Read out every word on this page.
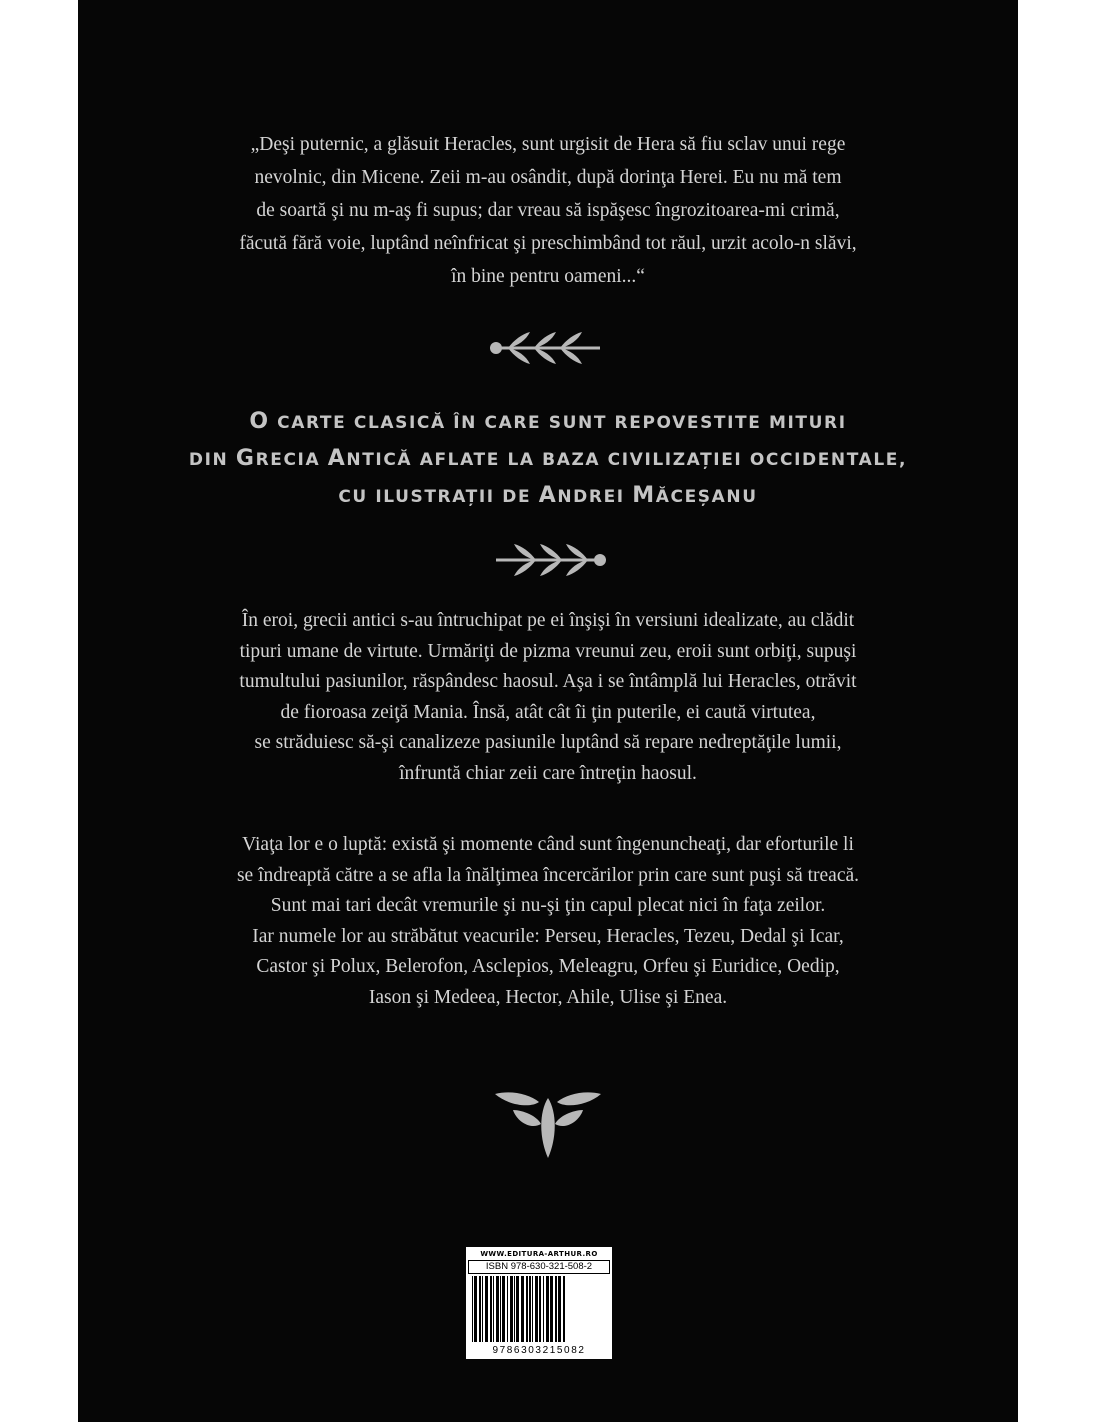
„Deşi puternic, a glăsuit Heracles, sunt urgisit de Hera să fiu sclav unui rege
nevolnic, din Micene. Zeii m-au osândit, după dorinţa Herei. Eu nu mă tem
de soartă şi nu m-aş fi supus; dar vreau să ispăşesc îngrozitoarea-mi crimă,
făcută fără voie, luptând neînfricat şi preschimbând tot răul, urzit acolo-n slăvi,
în bine pentru oameni...“
O CARTE CLASICĂ ÎN CARE SUNT REPOVESTITE MITURI
DIN GRECIA ANTICĂ AFLATE LA BAZA CIVILIZAȚIEI OCCIDENTALE,
CU ILUSTRAȚII DE ANDREI MĂCEȘANU
În eroi, grecii antici s-au întruchipat pe ei înşişi în versiuni idealizate, au clădit
tipuri umane de virtute. Urmăriţi de pizma vreunui zeu, eroii sunt orbiţi, supuşi
tumultului pasiunilor, răspândesc haosul. Aşa i se întâmplă lui Heracles, otrăvit
de fioroasa zeiţă Mania. Însă, atât cât îi ţin puterile, ei caută virtutea,
se străduiesc să-şi canalizeze pasiunile luptând să repare nedreptăţile lumii,
înfruntă chiar zeii care întreţin haosul.
Viaţa lor e o luptă: există şi momente când sunt îngenuncheaţi, dar eforturile li
se îndreaptă către a se afla la înălţimea încercărilor prin care sunt puşi să treacă.
Sunt mai tari decât vremurile şi nu-şi ţin capul plecat nici în faţa zeilor.
Iar numele lor au străbătut veacurile: Perseu, Heracles, Tezeu, Dedal şi Icar,
Castor şi Polux, Belerofon, Asclepios, Meleagru, Orfeu şi Euridice, Oedip,
Iason şi Medeea, Hector, Ahile, Ulise şi Enea.
WWW.EDITURA-ARTHUR.RO
ISBN 978-630-321-508-2
9786303215082
